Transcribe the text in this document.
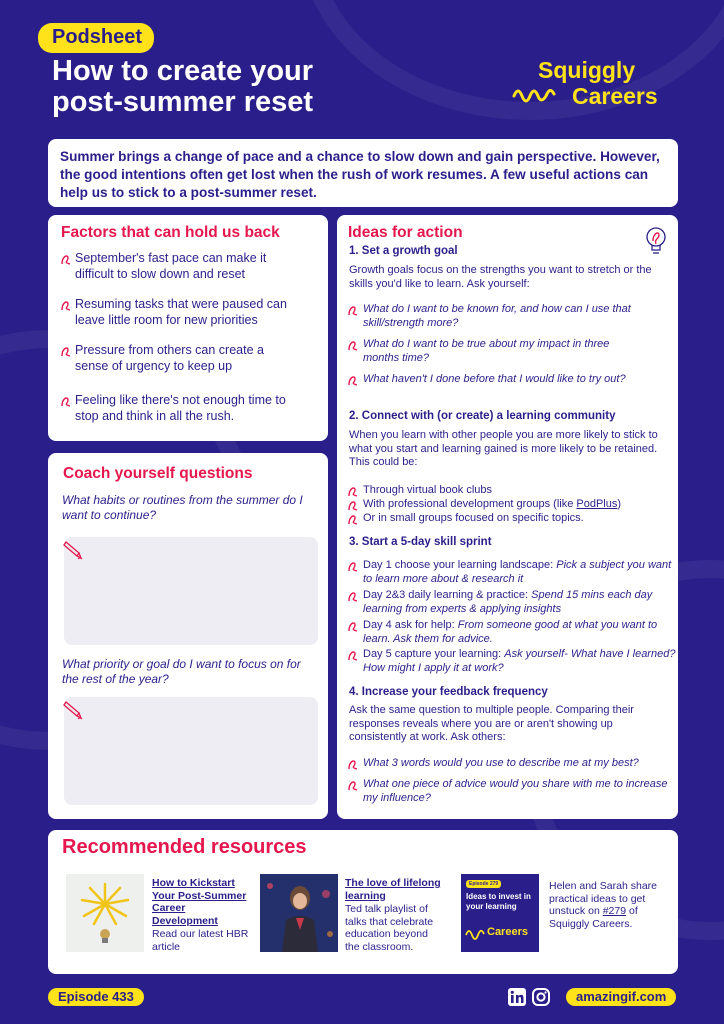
Podsheet
How to create your
post-summer reset
Squiggly
Careers
Summer brings a change of pace and a chance to slow down and gain perspective. However, the good intentions often get lost when the rush of work resumes. A few useful actions can help us to stick to a post-summer reset.
Factors that can hold us back
September's fast pace can make it difficult to slow down and reset
Resuming tasks that were paused can leave little room for new priorities
Pressure from others can create a sense of urgency to keep up
Feeling like there's not enough time to stop and think in all the rush.
Coach yourself questions
What habits or routines from the summer do I want to continue?
What priority or goal do I want to focus on for the rest of the year?
Ideas for action
1. Set a growth goal
Growth goals focus on the strengths you want to stretch or the skills you'd like to learn. Ask yourself:
What do I want to be known for, and how can I use that skill/strength more?
What do I want to be true about my impact in three months time?
What haven't I done before that I would like to try out?
2. Connect with (or create) a learning community
When you learn with other people you are more likely to stick to what you start and learning gained is more likely to be retained. This could be:
Through virtual book clubs
With professional development groups (like PodPlus)
Or in small groups focused on specific topics.
3. Start a 5-day skill sprint
Day 1 choose your learning landscape: Pick a subject you want to learn more about & research it
Day 2&3 daily learning & practice: Spend 15 mins each day learning from experts & applying insights
Day 4 ask for help: From someone good at what you want to learn. Ask them for advice.
Day 5 capture your learning: Ask yourself- What have I learned? How might I apply it at work?
4. Increase your feedback frequency
Ask the same question to multiple people. Comparing their responses reveals where you are or aren't showing up consistently at work. Ask others:
What 3 words would you use to describe me at my best?
What one piece of advice would you share with me to increase my influence?
Recommended resources
How to Kickstart Your Post-Summer Career Development
Read our latest HBR article
The love of lifelong learning
Ted talk playlist of talks that celebrate education beyond the classroom.
Episode 279
Ideas to invest in your learning
Careers
Helen and Sarah share practical ideas to get unstuck on #279 of Squiggly Careers.
Episode 433	amazingif.com
